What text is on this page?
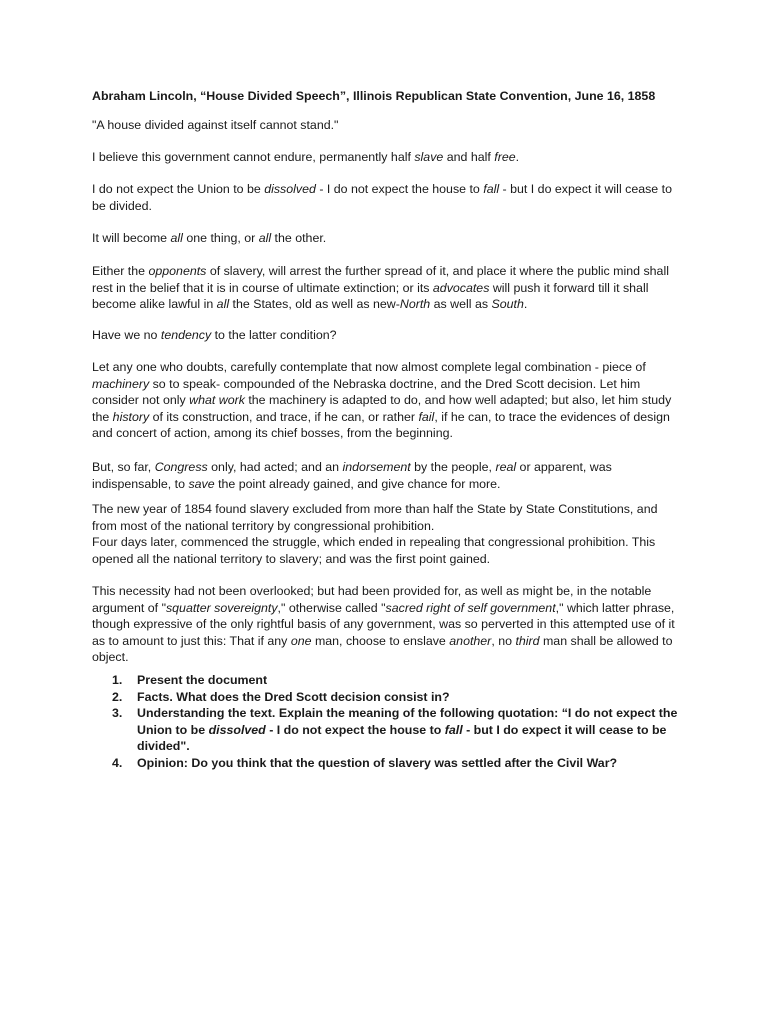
Abraham Lincoln, “House Divided Speech”, Illinois Republican State Convention, June 16, 1858

"A house divided against itself cannot stand."

I believe this government cannot endure, permanently half slave and half free.

I do not expect the Union to be dissolved - I do not expect the house to fall - but I do expect it will cease to be divided.

It will become all one thing, or all the other.

Either the opponents of slavery, will arrest the further spread of it, and place it where the public mind shall rest in the belief that it is in course of ultimate extinction; or its advocates will push it forward till it shall become alike lawful in all the States, old as well as new-North as well as South.

Have we no tendency to the latter condition?

Let any one who doubts, carefully contemplate that now almost complete legal combination - piece of machinery so to speak- compounded of the Nebraska doctrine, and the Dred Scott decision. Let him consider not only what work the machinery is adapted to do, and how well adapted; but also, let him study the history of its construction, and trace, if he can, or rather fail, if he can, to trace the evidences of design and concert of action, among its chief bosses, from the beginning.

But, so far, Congress only, had acted; and an indorsement by the people, real or apparent, was indispensable, to save the point already gained, and give chance for more.

The new year of 1854 found slavery excluded from more than half the State by State Constitutions, and from most of the national territory by congressional prohibition.

Four days later, commenced the struggle, which ended in repealing that congressional prohibition. This opened all the national territory to slavery; and was the first point gained.

This necessity had not been overlooked; but had been provided for, as well as might be, in the notable argument of "squatter sovereignty," otherwise called "sacred right of self government," which latter phrase, though expressive of the only rightful basis of any government, was so perverted in this attempted use of it as to amount to just this: That if any one man, choose to enslave another, no third man shall be allowed to object.

1. Present the document
2. Facts. What does the Dred Scott decision consist in?
3. Understanding the text. Explain the meaning of the following quotation: “I do not expect the Union to be dissolved - I do not expect the house to fall - but I do expect it will cease to be divided".
4. Opinion: Do you think that the question of slavery was settled after the Civil War?
